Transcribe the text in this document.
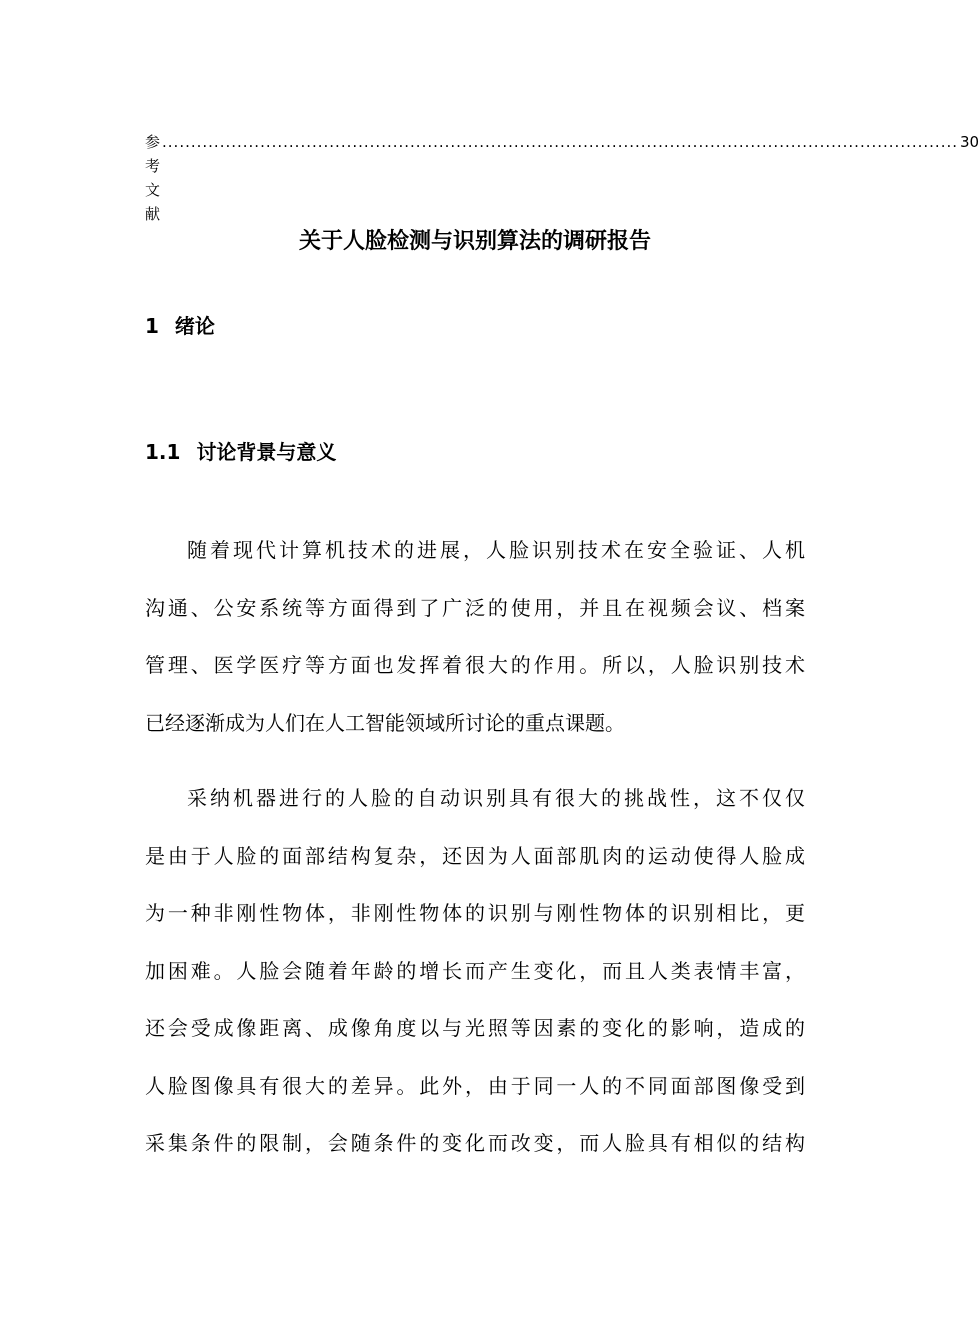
参考文献
.......................................................................................................................................... 30
关于人脸检测与识别算法的调研报告
1 绪论
1.1 讨论背景与意义
随着现代计算机技术的进展，人脸识别技术在安全验证、人机
沟通、公安系统等方面得到了广泛的使用，并且在视频会议、档案
管理、医学医疗等方面也发挥着很大的作用。所以，人脸识别技术
已经逐渐成为人们在人工智能领域所讨论的重点课题。
采纳机器进行的人脸的自动识别具有很大的挑战性，这不仅仅
是由于人脸的面部结构复杂，还因为人面部肌肉的运动使得人脸成
为一种非刚性物体，非刚性物体的识别与刚性物体的识别相比，更
加困难。人脸会随着年龄的增长而产生变化，而且人类表情丰富，
还会受成像距离、成像角度以与光照等因素的变化的影响，造成的
人脸图像具有很大的差异。此外，由于同一人的不同面部图像受到
采集条件的限制，会随条件的变化而改变，而人脸具有相似的结构
